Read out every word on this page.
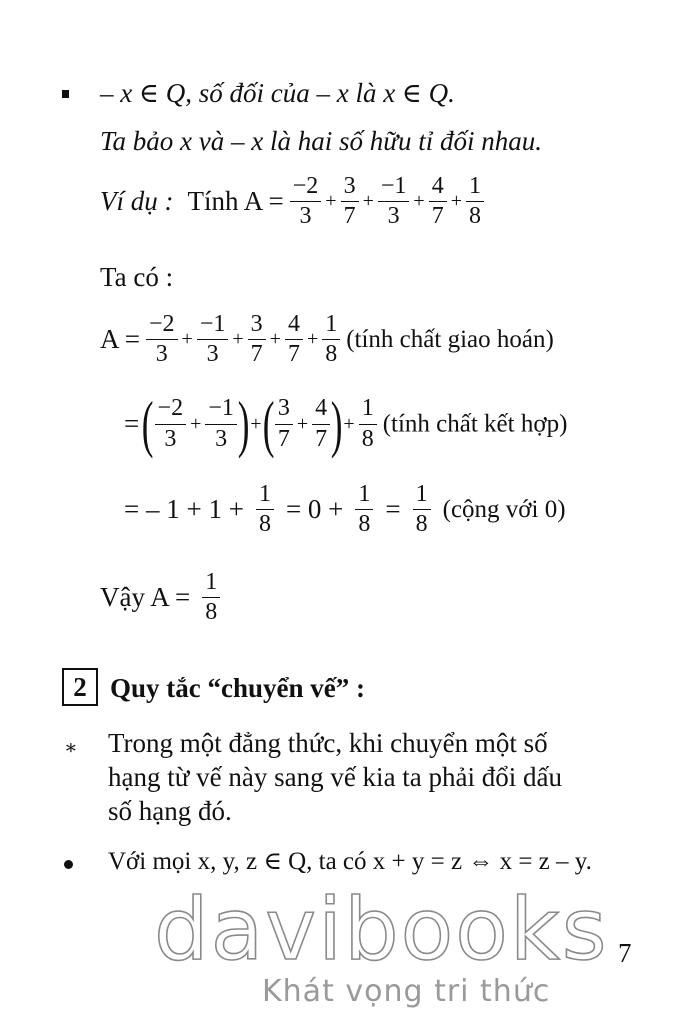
– x ∈ Q, số đối của – x là x ∈ Q.
Ta bảo x và – x là hai số hữu tỉ đối nhau.
Ví dụ : Tính $A = \frac{-2}{3} + \frac{3}{7} + \frac{-1}{3} + \frac{4}{7} + \frac{1}{8}$
Ta có :
$A = \frac{-2}{3} + \frac{-1}{3} + \frac{3}{7} + \frac{4}{7} + \frac{1}{8}$ (tính chất giao hoán)
= ( $\frac{-2}{3} + \frac{-1}{3}$ )+( $\frac{3}{7} + \frac{4}{7}$ )+ $\frac{1}{8}$ (tính chất kết hợp)
= – $1 + 1 + \frac{1}{8} = 0 + \frac{1}{8} = \frac{1}{8}$ (cộng với 0)
Vậy $A = \frac{1}{8}$
2 Quy tắc “chuyển vế” :
∗ Trong một đẳng thức, khi chuyển một số
hạng từ vế này sang vế kia ta phải đổi dấu
số hạng đó.
Với mọi x, y, z ∈ Q, ta có x + y = z ⇔ x = z – y.
davibooks
Khát vọng tri thức
7
